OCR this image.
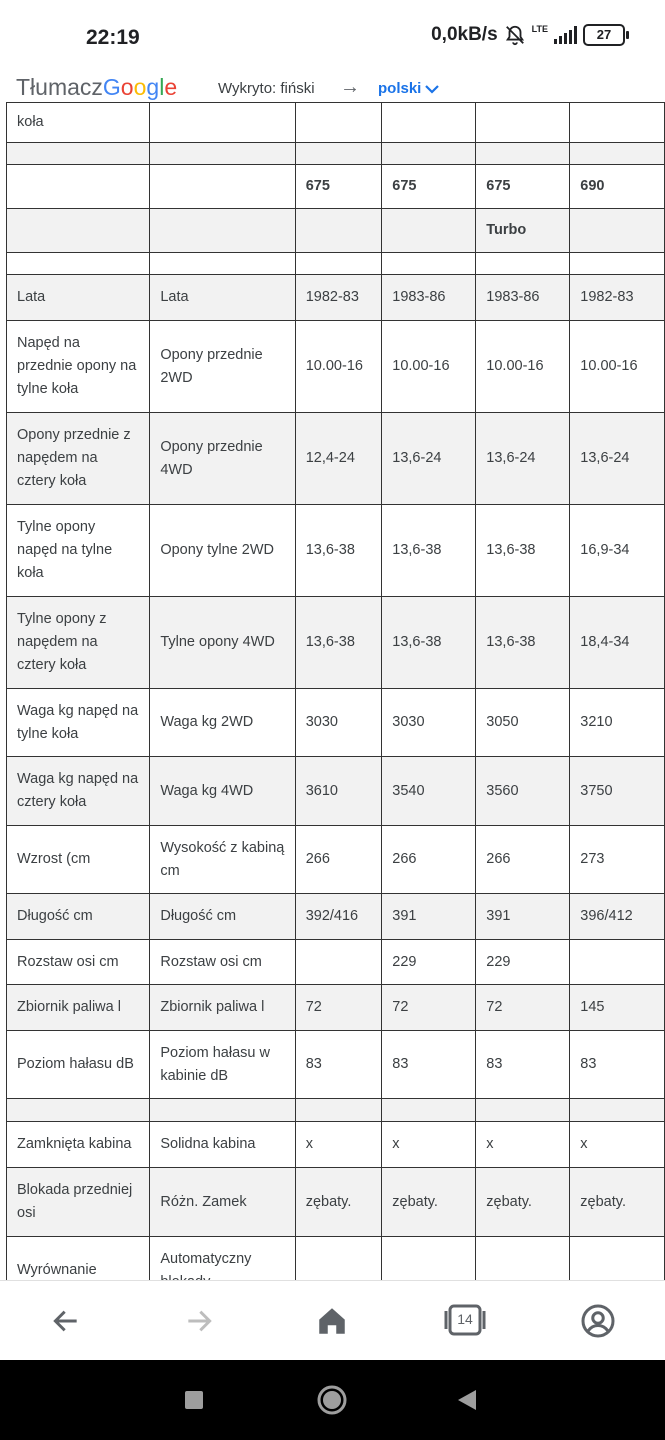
22:19	0,0kB/s	LTE	27
TłumaczGoogle	Wykryto: fiński → polski
koła					

		675	675	675	690
				Turbo	

Lata	Lata	1982-83	1983-86	1983-86	1982-83
Napęd na przednie opony na tylne koła	Opony przednie 2WD	10.00-16	10.00-16	10.00-16	10.00-16
Opony przednie z napędem na cztery koła	Opony przednie 4WD	12,4-24	13,6-24	13,6-24	13,6-24
Tylne opony napęd na tylne koła	Opony tylne 2WD	13,6-38	13,6-38	13,6-38	16,9-34
Tylne opony z napędem na cztery koła	Tylne opony 4WD	13,6-38	13,6-38	13,6-38	18,4-34
Waga kg napęd na tylne koła	Waga kg 2WD	3030	3030	3050	3210
Waga kg napęd na cztery koła	Waga kg 4WD	3610	3540	3560	3750
Wzrost (cm	Wysokość z kabiną cm	266	266	266	273
Długość cm	Długość cm	392/416	391	391	396/412
Rozstaw osi cm	Rozstaw osi cm		229	229	
Zbiornik paliwa l	Zbiornik paliwa l	72	72	72	145
Poziom hałasu dB	Poziom hałasu w kabinie dB	83	83	83	83

Zamknięta kabina	Solidna kabina	x	x	x	x
Blokada przedniej osi	Różn. Zamek	zębaty.	zębaty.	zębaty.	zębaty.
Wyrównanie	Automatyczny				
14
